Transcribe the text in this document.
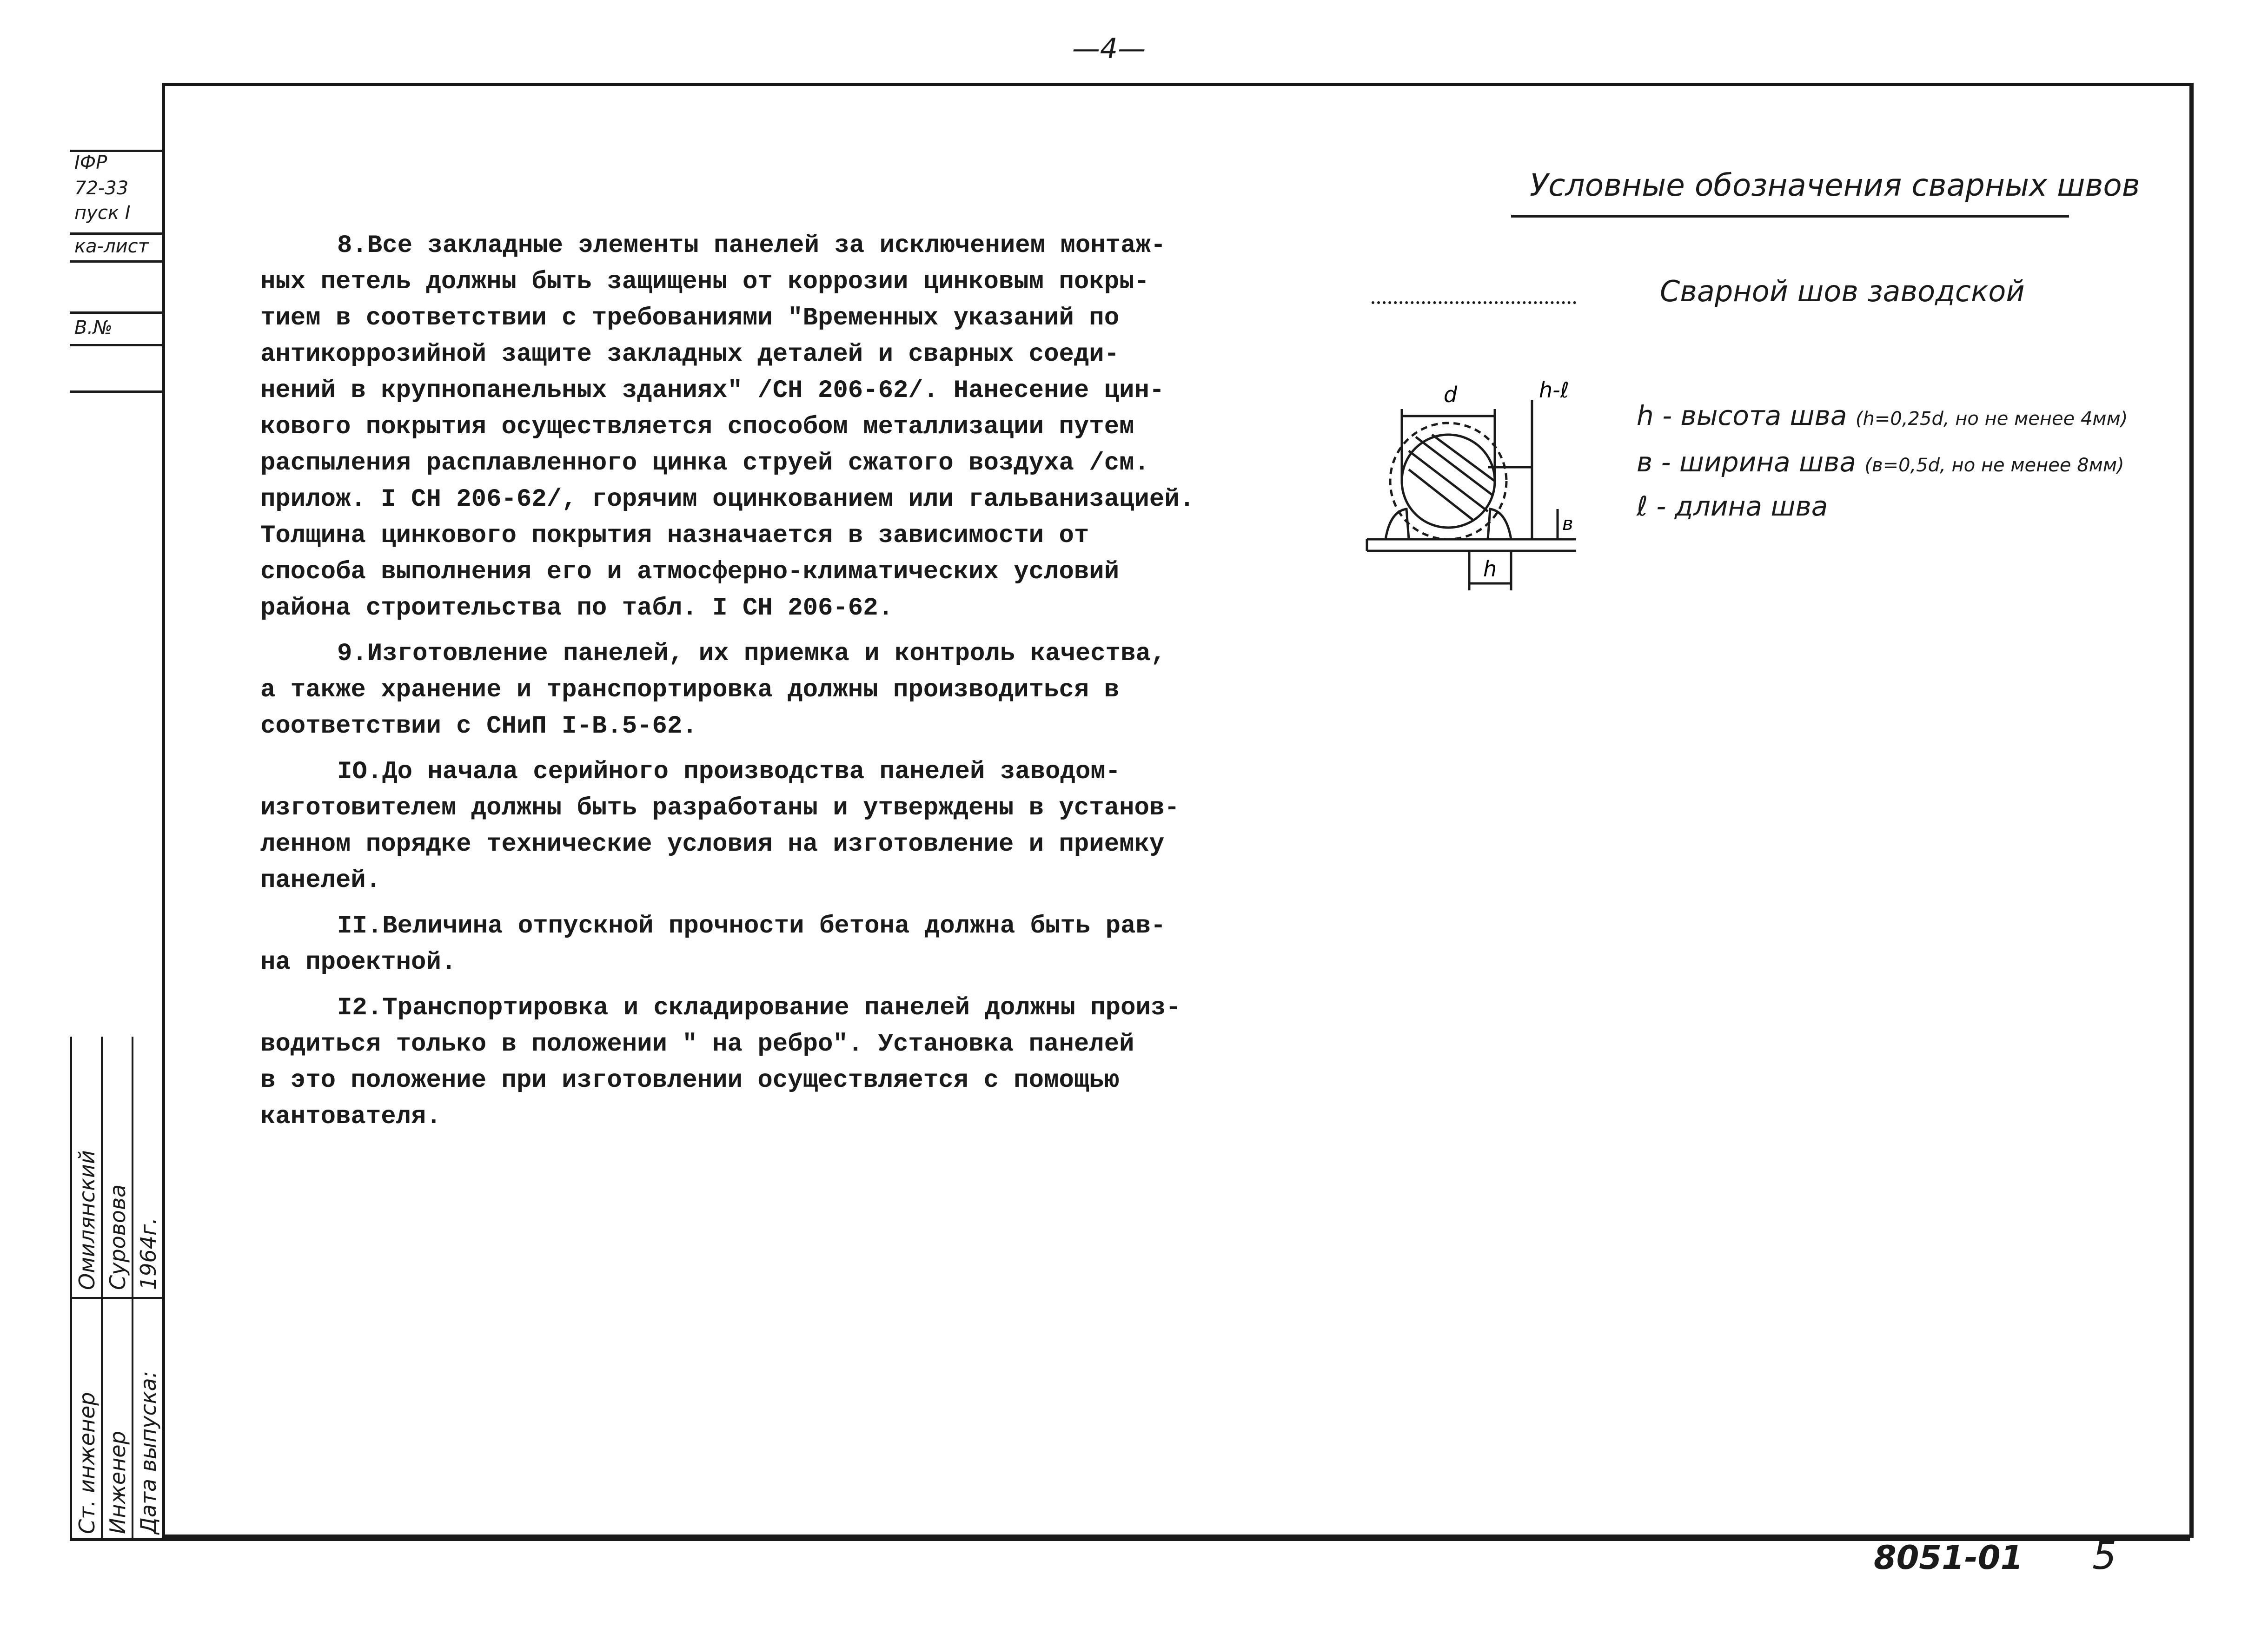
—4—
ІФР
72-33
пуск I
ка-лист
В.№
Ст. инженер
Омилянский
Инженер
Суровова
Дата выпуска:
1964г.

8.Все закладные элементы панелей за исключением монтаж-

ных петель должны быть защищены от коррозии цинковым покры-

тием в соответствии с требованиями "Временных указаний по

антикоррозийной защите закладных деталей и сварных соеди-

нений в крупнопанельных зданиях" /СН 206-62/. Нанесение цин-

кового покрытия осуществляется способом металлизации путем

распыления расплавленного цинка струей сжатого воздуха /см.

прилож. I СН 206-62/, горячим оцинкованием или гальванизацией.

Толщина цинкового покрытия назначается в зависимости от

способа выполнения его и атмосферно-климатических условий

района строительства по табл. I СН 206-62.

9.Изготовление панелей, их приемка и контроль качества,

а также хранение и транспортировка должны производиться в

соответствии с СНиП I-В.5-62.

IO.До начала серийного производства панелей заводом-

изготовителем должны быть разработаны и утверждены в установ-

ленном порядке технические условия на изготовление и приемку

панелей.

II.Величина отпускной прочности бетона должна быть рав-

на проектной.

I2.Транспортировка и складирование панелей должны произ-

водиться только в положении " на ребро". Установка панелей

в это положение при изготовлении осуществляется с помощью

кантователя.

Условные обозначения сварных швов
Сварной шов заводской
d	h-ℓ
в
h
h - высота шва (h=0,25d, но не менее 4мм)
в - ширина шва (в=0,5d, но не менее 8мм)
ℓ - длина шва
8051-01 5
